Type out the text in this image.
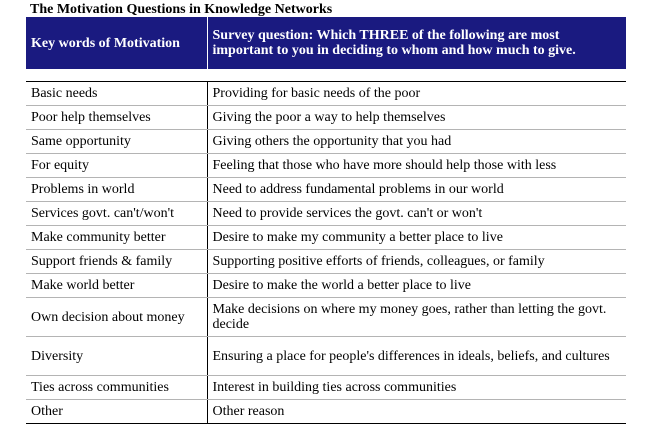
The Motivation Questions in Knowledge Networks
Key words of Motivation	Survey question: Which THREE of the following are most important to you in deciding to whom and how much to give.

Basic needs	Providing for basic needs of the poor
Poor help themselves	Giving the poor a way to help themselves
Same opportunity	Giving others the opportunity that you had
For equity	Feeling that those who have more should help those with less
Problems in world	Need to address fundamental problems in our world
Services govt. can't/won't	Need to provide services the govt. can't or won't
Make community better	Desire to make my community a better place to live
Support friends & family	Supporting positive efforts of friends, colleagues, or family
Make world better	Desire to make the world a better place to live
Own decision about money	Make decisions on where my money goes, rather than letting the govt. decide
Diversity	Ensuring a place for people's differences in ideals, beliefs, and cultures
Ties across communities	Interest in building ties across communities
Other	Other reason
